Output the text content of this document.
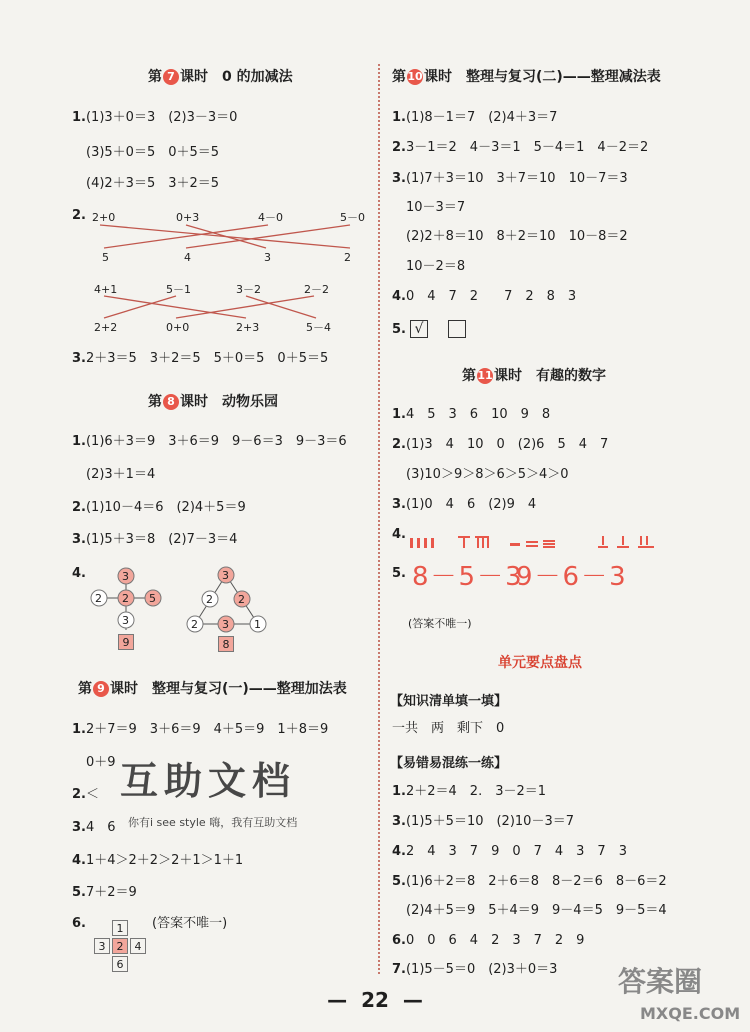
第 7 课时　0 的加减法
1.(1)3＋0＝3　(2)3－3＝0
(3)5＋0＝5　0＋5＝5
(4)2＋3＝5　3＋2＝5
2. 2+0	0+3	4－0	5－0
5	4	3	2
4+1	5－1	3－2	2－2
2+2	0+0	2+3	5－4
3.2＋3＝5　3＋2＝5　5＋0＝5　0＋5＝5
第 8 课时　动物乐园
1.(1)6＋3＝9　3＋6＝9　9－6＝3　9－3＝6
(2)3＋1＝4
2.(1)10－4＝6　(2)4＋5＝9
3.(1)5＋3＝8　(2)7－3＝4
4.	3
2 2 5
3
9
3
2 2
2 3 1
8
第 9 课时　整理与复习(一)——整理加法表
1.2＋7＝9　3＋6＝9　4＋5＝9　1＋8＝9
0＋9
2.＜
3.4　6
4.1＋4＞2＋2＞2＋1＞1＋1
5.7＋2＝9
6.	(答案不唯一)
1
3	2	4
6
第10课时　整理与复习(二)——整理减法表
1.(1)8－1＝7　(2)4＋3＝7
2.3－1＝2　4－3＝1　5－4＝1　4－2＝2
3.(1)7＋3＝10　3＋7＝10　10－7＝3
10－3＝7
(2)2＋8＝10　8＋2＝10　10－8＝2
10－2＝8
4.0　4　7　2　　7　2　8　3
5. √
第11课时　有趣的数字
1.4　5　3　6　10　9　8
2.(1)3　4　10　0　(2)6　5　4　7
(3)10＞9＞8＞6＞5＞4＞0
3.(1)0　4　6　(2)9　4
4.
5. 8－5－3
9－6－3
(答案不唯一)
单元要点盘点
【知识清单填一填】
一共　两　剩下　0
【易错易混练一练】
1.2＋2＝4　2.　3－2＝1
3.(1)5＋5＝10　(2)10－3＝7
4.2　4　3　7　9　0　7　4　3　7　3
5.(1)6＋2＝8　2＋6＝8　8－2＝6　8－6＝2
(2)4＋5＝9　5＋4＝9　9－4＝5　9－5＝4
6.0　0　6　4　2　3　7　2　9
7.(1)5－5＝0　(2)3＋0＝3
互助文档
你有i see style 嗨，我有互助文档
答案圈
MXQE.COM
—  22  —
